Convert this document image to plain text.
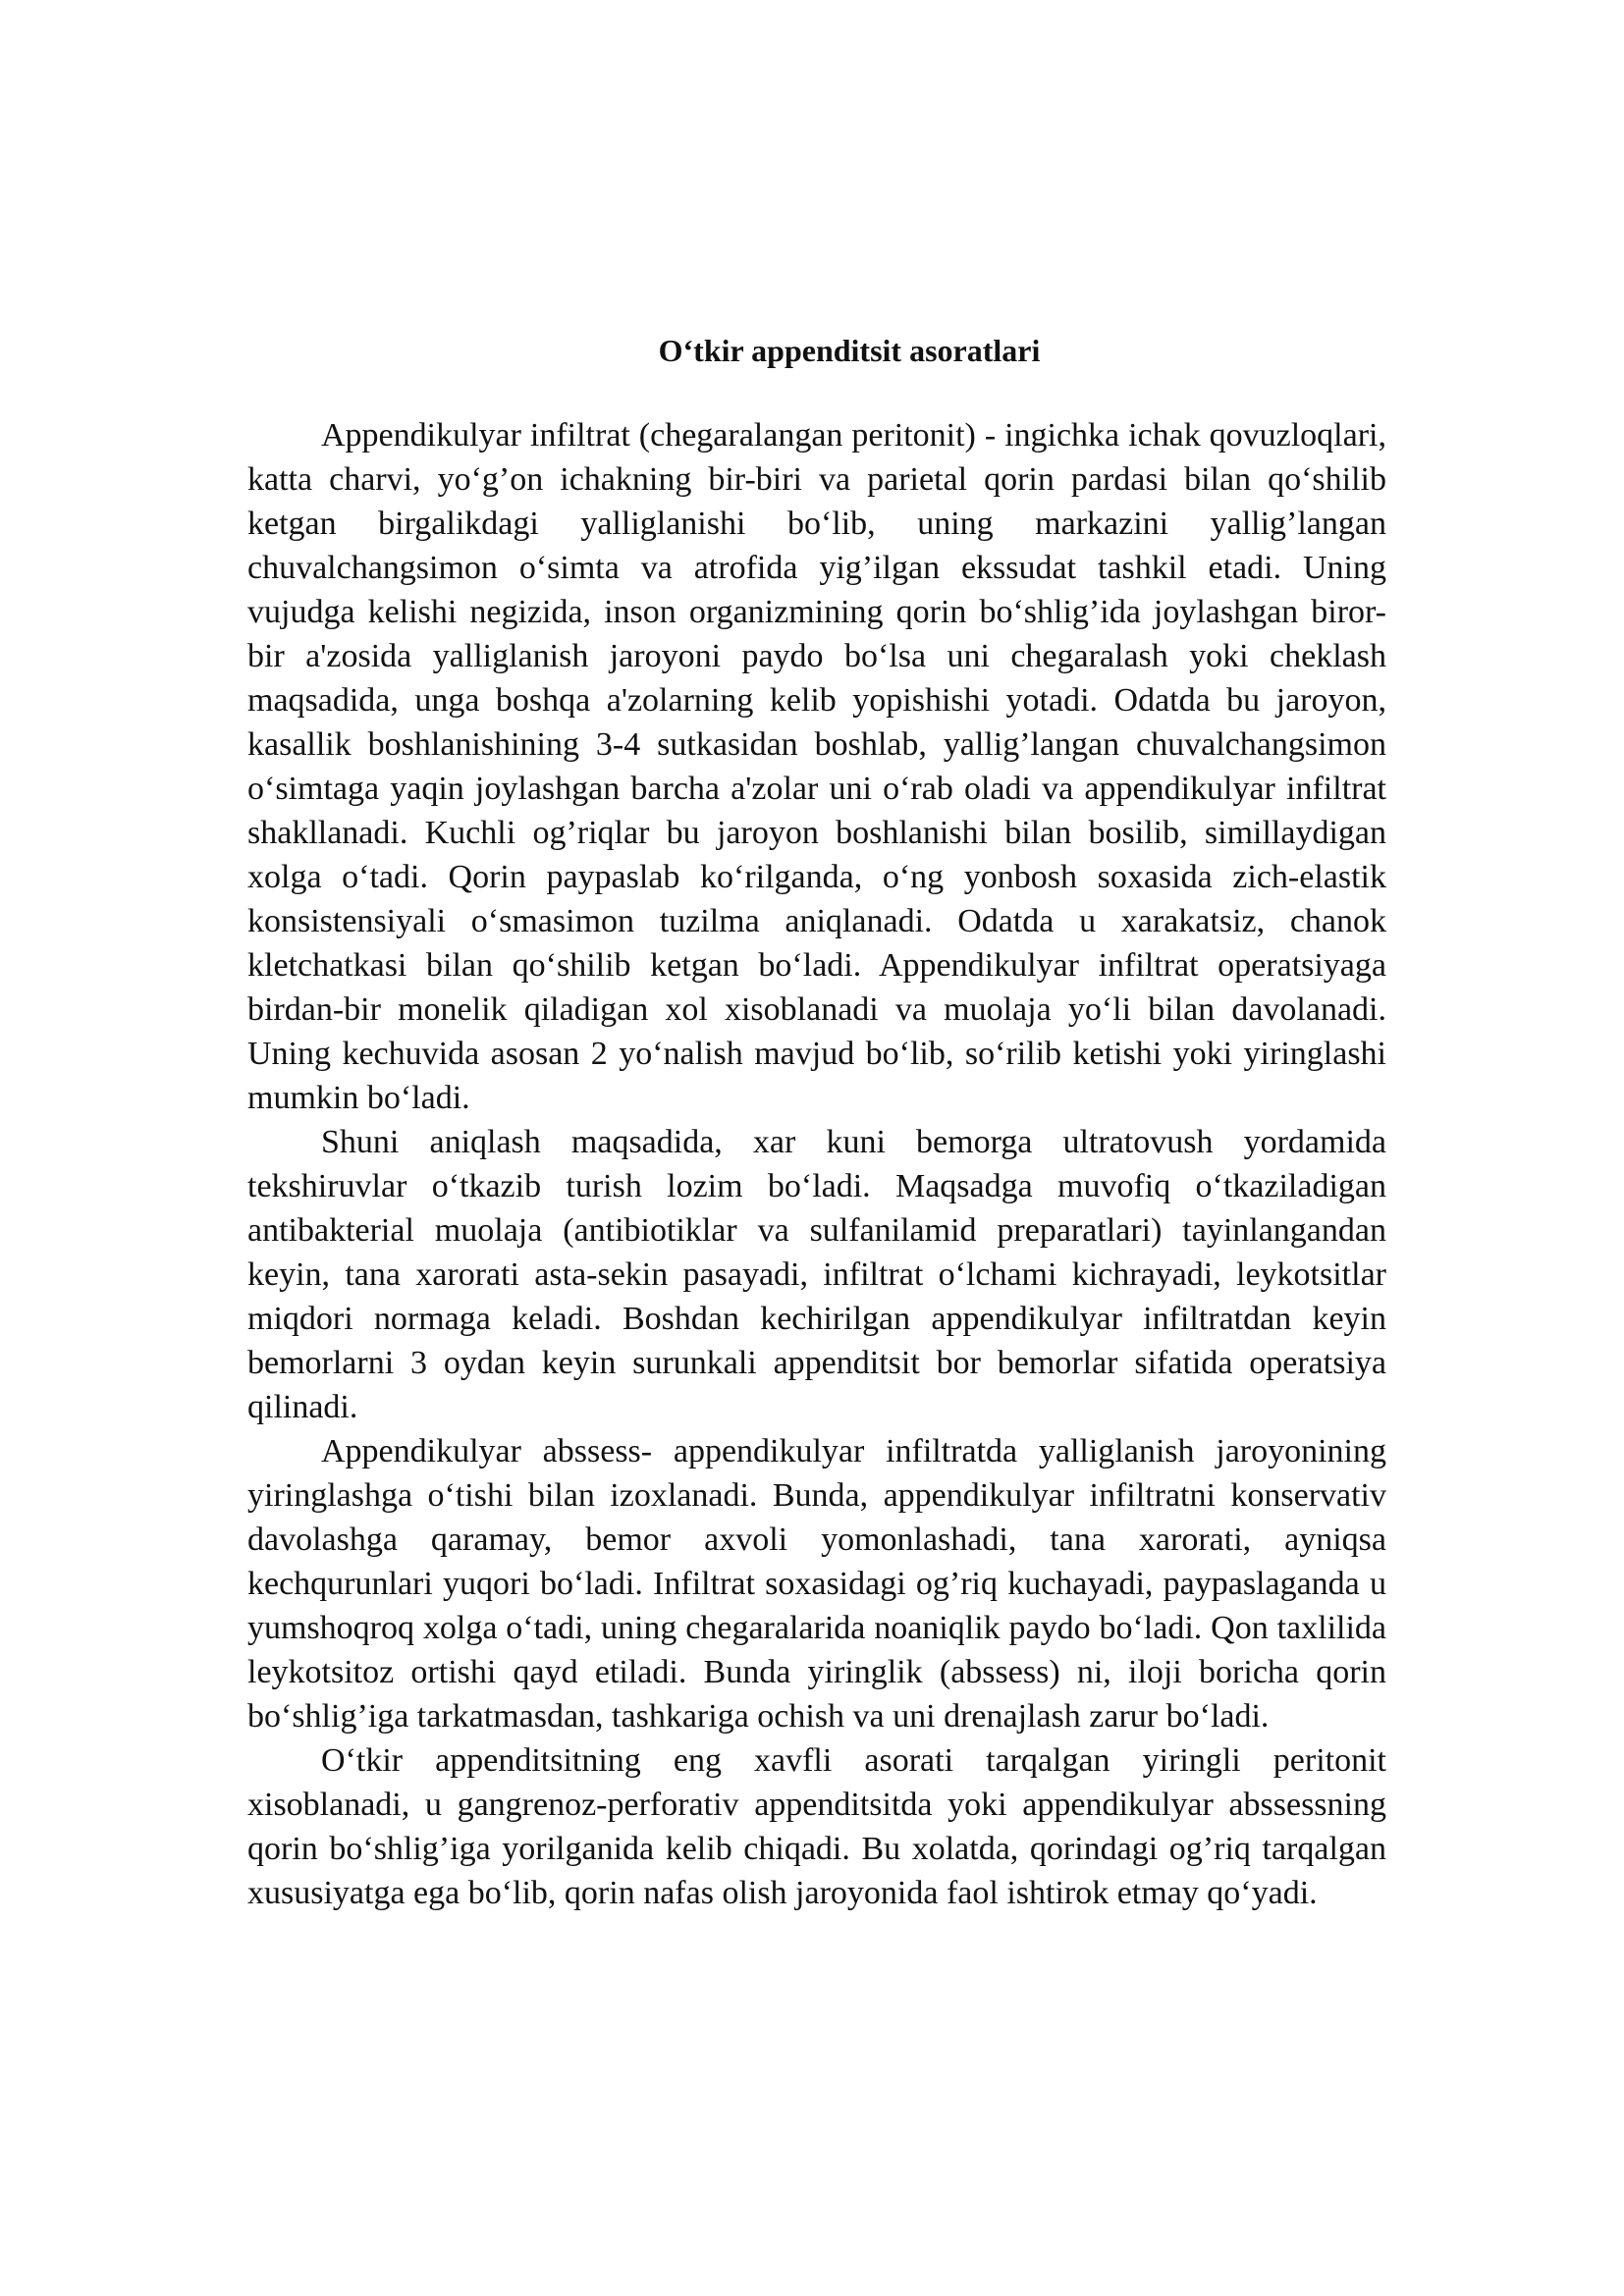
O‘tkir appenditsit asoratlari

Appendikulyar infiltrat (chegaralangan peritonit) - ingichka ichak qovuzloqlari, katta charvi, yo‘g’on ichakning bir-biri va parietal qorin pardasi bilan qo‘shilib ketgan birgalikdagi yalliglanishi bo‘lib, uning markazini yallig’langan chuvalchangsimon o‘simta va atrofida yig’ilgan ekssudat tashkil etadi. Uning vujudga kelishi negizida, inson organizmining qorin bo‘shlig’ida joylashgan biror-bir a'zosida yalliglanish jaroyoni paydo bo‘lsa uni chegaralash yoki cheklash maqsadida, unga boshqa a'zolarning kelib yopishishi yotadi. Odatda bu jaroyon, kasallik boshlanishining 3-4 sutkasidan boshlab, yallig’langan chuvalchangsimon o‘simtaga yaqin joylashgan barcha a'zolar uni o‘rab oladi va appendikulyar infiltrat shakllanadi. Kuchli og’riqlar bu jaroyon boshlanishi bilan bosilib, simillaydigan xolga o‘tadi. Qorin paypaslab ko‘rilganda, o‘ng yonbosh soxasida zich-elastik konsistensiyali o‘smasimon tuzilma aniqlanadi. Odatda u xarakatsiz, chanok kletchatkasi bilan qo‘shilib ketgan bo‘ladi. Appendikulyar infiltrat operatsiyaga birdan-bir monelik qiladigan xol xisoblanadi va muolaja yo‘li bilan davolanadi. Uning kechuvida asosan 2 yo‘nalish mavjud bo‘lib, so‘rilib ketishi yoki yiringlashi mumkin bo‘ladi.

Shuni aniqlash maqsadida, xar kuni bemorga ultratovush yordamida tekshiruvlar o‘tkazib turish lozim bo‘ladi. Maqsadga muvofiq o‘tkaziladigan antibakterial muolaja (antibiotiklar va sulfanilamid preparatlari) tayinlangandan keyin, tana xarorati asta-sekin pasayadi, infiltrat o‘lchami kichrayadi, leykotsitlar miqdori normaga keladi. Boshdan kechirilgan appendikulyar infiltratdan keyin bemorlarni 3 oydan keyin surunkali appenditsit bor bemorlar sifatida operatsiya qilinadi.

Appendikulyar abssess- appendikulyar infiltratda yalliglanish jaroyonining yiringlashga o‘tishi bilan izoxlanadi. Bunda, appendikulyar infiltratni konservativ davolashga qaramay, bemor axvoli yomonlashadi, tana xarorati, ayniqsa kechqurunlari yuqori bo‘ladi. Infiltrat soxasidagi og’riq kuchayadi, paypaslaganda u yumshoqroq xolga o‘tadi, uning chegaralarida noaniqlik paydo bo‘ladi. Qon taxlilida leykotsitoz ortishi qayd etiladi. Bunda yiringlik (abssess) ni, iloji boricha qorin bo‘shlig’iga tarkatmasdan, tashkariga ochish va uni drenajlash zarur bo‘ladi.

O‘tkir appenditsitning eng xavfli asorati tarqalgan yiringli peritonit xisoblanadi, u gangrenoz-perforativ appenditsitda yoki appendikulyar abssessning qorin bo‘shlig’iga yorilganida kelib chiqadi. Bu xolatda, qorindagi og’riq tarqalgan xususiyatga ega bo‘lib, qorin nafas olish jaroyonida faol ishtirok etmay qo‘yadi.
